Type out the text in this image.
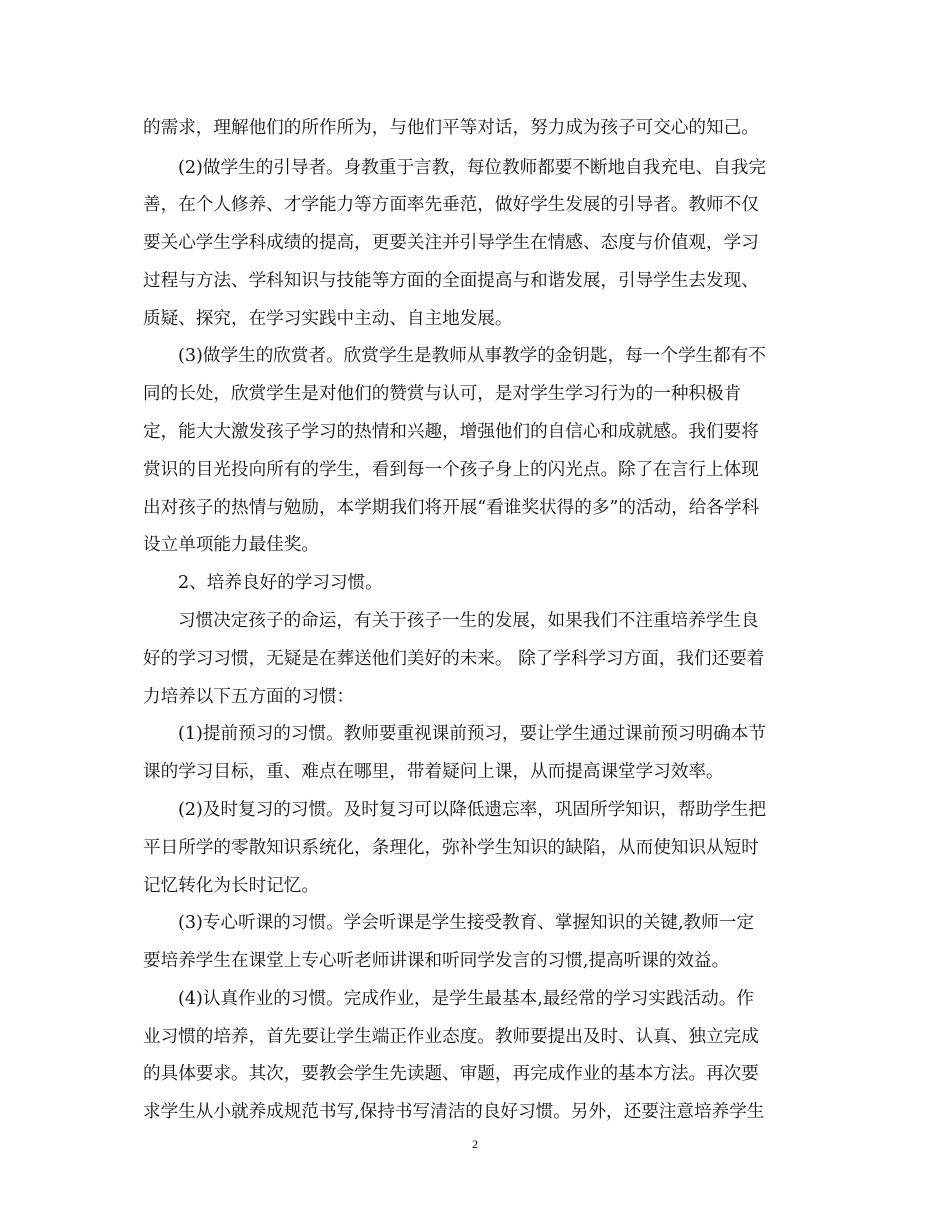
的需求，理解他们的所作所为，与他们平等对话，努力成为孩子可交心的知己。
(2)做学生的引导者。身教重于言教，每位教师都要不断地自我充电、自我完
善，在个人修养、才学能力等方面率先垂范，做好学生发展的引导者。教师不仅
要关心学生学科成绩的提高，更要关注并引导学生在情感、态度与价值观，学习
过程与方法、学科知识与技能等方面的全面提高与和谐发展，引导学生去发现、
质疑、探究，在学习实践中主动、自主地发展。
(3)做学生的欣赏者。欣赏学生是教师从事教学的金钥匙，每一个学生都有不
同的长处，欣赏学生是对他们的赞赏与认可，是对学生学习行为的一种积极肯
定，能大大激发孩子学习的热情和兴趣，增强他们的自信心和成就感。我们要将
赏识的目光投向所有的学生，看到每一个孩子身上的闪光点。除了在言行上体现
出对孩子的热情与勉励，本学期我们将开展“看谁奖状得的多”的活动，给各学科
设立单项能力最佳奖。
2、培养良好的学习习惯。
习惯决定孩子的命运，有关于孩子一生的发展，如果我们不注重培养学生良
好的学习习惯，无疑是在葬送他们美好的未来。 除了学科学习方面，我们还要着
力培养以下五方面的习惯：
(1)提前预习的习惯。教师要重视课前预习，要让学生通过课前预习明确本节
课的学习目标，重、难点在哪里，带着疑问上课，从而提高课堂学习效率。
(2)及时复习的习惯。及时复习可以降低遗忘率，巩固所学知识，帮助学生把
平日所学的零散知识系统化，条理化，弥补学生知识的缺陷，从而使知识从短时
记忆转化为长时记忆。
(3)专心听课的习惯。学会听课是学生接受教育、掌握知识的关键,教师一定
要培养学生在课堂上专心听老师讲课和听同学发言的习惯,提高听课的效益。
(4)认真作业的习惯。完成作业，是学生最基本,最经常的学习实践活动。作
业习惯的培养，首先要让学生端正作业态度。教师要提出及时、认真、独立完成
的具体要求。其次，要教会学生先读题、审题，再完成作业的基本方法。再次要
求学生从小就养成规范书写,保持书写清洁的良好习惯。另外，还要注意培养学生
2
